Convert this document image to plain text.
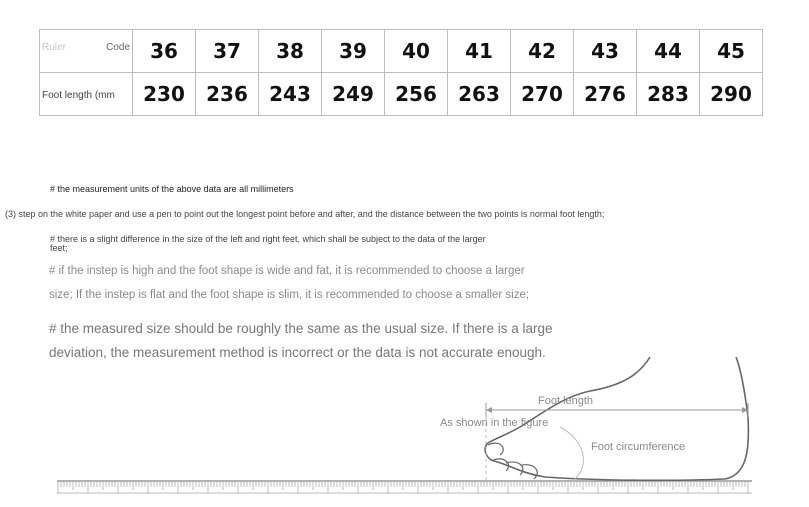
Ruler Code	36	37	38	39	40	41	42	43	44	45

Foot length (mm	230	236	243	249	256	263	270	276	283	290

# the measurement units of the above data are all millimeters

(3) step on the white paper and use a pen to point out the longest point before and after, and the distance between the two points is normal foot length;

# there is a slight difference in the size of the left and right feet, which shall be subject to the data of the larger feet;

# if the instep is high and the foot shape is wide and fat, it is recommended to choose a larger

size; If the instep is flat and the foot shape is slim, it is recommended to choose a smaller size;

# the measured size should be roughly the same as the usual size. If there is a large deviation, the measurement method is incorrect or the data is not accurate enough.

Foot length
As shown in the figure
Foot circumference
